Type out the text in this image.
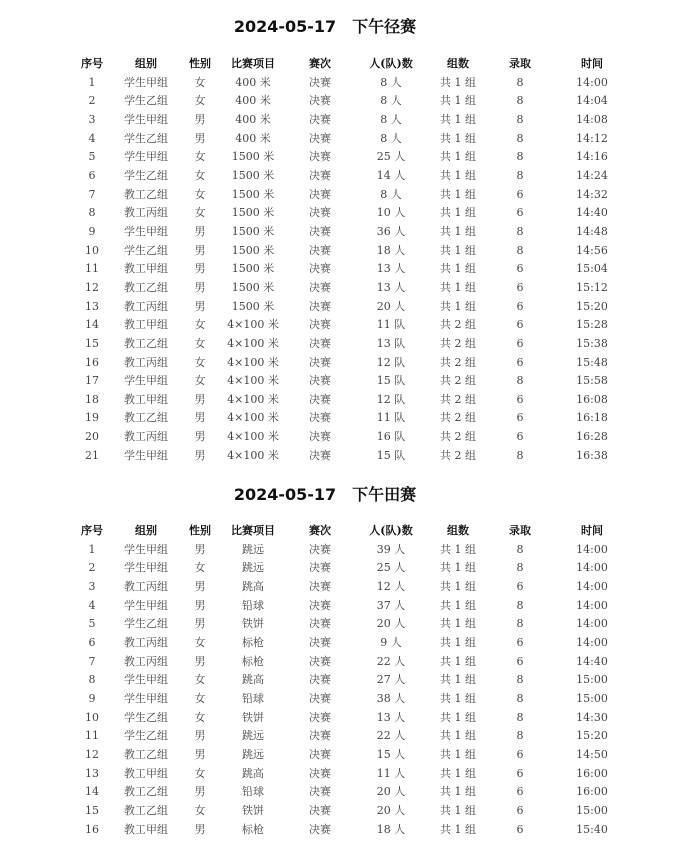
2024-05-17　下午径赛
序号	组别	性别	比赛项目	赛次	人(队)数	组数	录取	时间
1	学生甲组	女	400 米	决赛	8 人	共 1 组	8	14:00
2	学生乙组	女	400 米	决赛	8 人	共 1 组	8	14:04
3	学生甲组	男	400 米	决赛	8 人	共 1 组	8	14:08
4	学生乙组	男	400 米	决赛	8 人	共 1 组	8	14:12
5	学生甲组	女	1500 米	决赛	25 人	共 1 组	8	14:16
6	学生乙组	女	1500 米	决赛	14 人	共 1 组	8	14:24
7	教工乙组	女	1500 米	决赛	8 人	共 1 组	6	14:32
8	教工丙组	女	1500 米	决赛	10 人	共 1 组	6	14:40
9	学生甲组	男	1500 米	决赛	36 人	共 1 组	8	14:48
10	学生乙组	男	1500 米	决赛	18 人	共 1 组	8	14:56
11	教工甲组	男	1500 米	决赛	13 人	共 1 组	6	15:04
12	教工乙组	男	1500 米	决赛	13 人	共 1 组	6	15:12
13	教工丙组	男	1500 米	决赛	20 人	共 1 组	6	15:20
14	教工甲组	女	4×100 米	决赛	11 队	共 2 组	6	15:28
15	教工乙组	女	4×100 米	决赛	13 队	共 2 组	6	15:38
16	教工丙组	女	4×100 米	决赛	12 队	共 2 组	6	15:48
17	学生甲组	女	4×100 米	决赛	15 队	共 2 组	8	15:58
18	教工甲组	男	4×100 米	决赛	12 队	共 2 组	6	16:08
19	教工乙组	男	4×100 米	决赛	11 队	共 2 组	6	16:18
20	教工丙组	男	4×100 米	决赛	16 队	共 2 组	6	16:28
21	学生甲组	男	4×100 米	决赛	15 队	共 2 组	8	16:38
2024-05-17　下午田赛
序号	组别	性别	比赛项目	赛次	人(队)数	组数	录取	时间
1	学生甲组	男	跳远	决赛	39 人	共 1 组	8	14:00
2	学生甲组	女	跳远	决赛	25 人	共 1 组	8	14:00
3	教工丙组	男	跳高	决赛	12 人	共 1 组	6	14:00
4	学生甲组	男	铅球	决赛	37 人	共 1 组	8	14:00
5	学生乙组	男	铁饼	决赛	20 人	共 1 组	8	14:00
6	教工丙组	女	标枪	决赛	9 人	共 1 组	6	14:00
7	教工丙组	男	标枪	决赛	22 人	共 1 组	6	14:40
8	学生甲组	女	跳高	决赛	27 人	共 1 组	8	15:00
9	学生甲组	女	铅球	决赛	38 人	共 1 组	8	15:00
10	学生乙组	女	铁饼	决赛	13 人	共 1 组	8	14:30
11	学生乙组	男	跳远	决赛	22 人	共 1 组	8	15:20
12	教工乙组	男	跳远	决赛	15 人	共 1 组	6	14:50
13	教工甲组	女	跳高	决赛	11 人	共 1 组	6	16:00
14	教工乙组	男	铅球	决赛	20 人	共 1 组	6	16:00
15	教工乙组	女	铁饼	决赛	20 人	共 1 组	6	15:00
16	教工甲组	男	标枪	决赛	18 人	共 1 组	6	15:40
